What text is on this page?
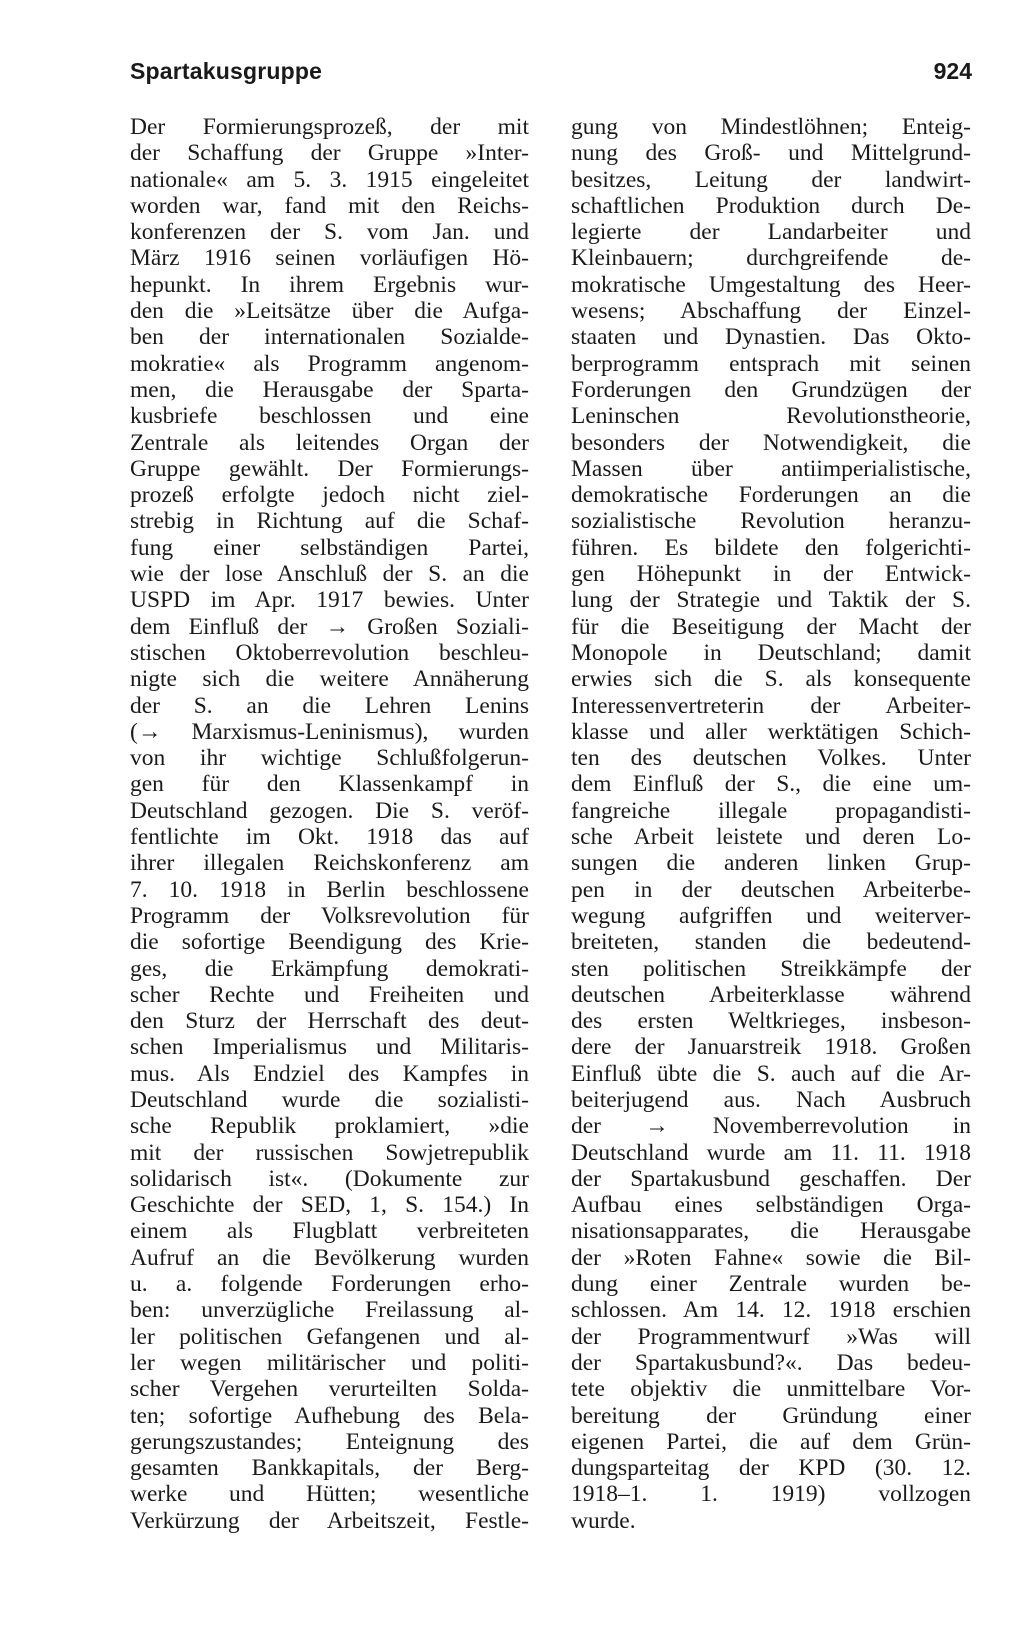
Spartakusgruppe	924
Der Formierungsprozeß, der mit
der Schaffung der Gruppe »Inter-
nationale« am 5. 3. 1915 eingeleitet
worden war, fand mit den Reichs-
konferenzen der S. vom Jan. und
März 1916 seinen vorläufigen Hö-
hepunkt. In ihrem Ergebnis wur-
den die »Leitsätze über die Aufga-
ben der internationalen Sozialde-
mokratie« als Programm angenom-
men, die Herausgabe der Sparta-
kusbriefe beschlossen und eine
Zentrale als leitendes Organ der
Gruppe gewählt. Der Formierungs-
prozeß erfolgte jedoch nicht ziel-
strebig in Richtung auf die Schaf-
fung einer selbständigen Partei,
wie der lose Anschluß der S. an die
USPD im Apr. 1917 bewies. Unter
dem Einfluß der → Großen Soziali-
stischen Oktoberrevolution beschleu-
nigte sich die weitere Annäherung
der S. an die Lehren Lenins
(→ Marxismus-Leninismus), wurden
von ihr wichtige Schlußfolgerun-
gen für den Klassenkampf in
Deutschland gezogen. Die S. veröf-
fentlichte im Okt. 1918 das auf
ihrer illegalen Reichskonferenz am
7. 10. 1918 in Berlin beschlossene
Programm der Volksrevolution für
die sofortige Beendigung des Krie-
ges, die Erkämpfung demokrati-
scher Rechte und Freiheiten und
den Sturz der Herrschaft des deut-
schen Imperialismus und Militaris-
mus. Als Endziel des Kampfes in
Deutschland wurde die sozialisti-
sche Republik proklamiert, »die
mit der russischen Sowjetrepublik
solidarisch ist«. (Dokumente zur
Geschichte der SED, 1, S. 154.) In
einem als Flugblatt verbreiteten
Aufruf an die Bevölkerung wurden
u. a. folgende Forderungen erho-
ben: unverzügliche Freilassung al-
ler politischen Gefangenen und al-
ler wegen militärischer und politi-
scher Vergehen verurteilten Solda-
ten; sofortige Aufhebung des Bela-
gerungszustandes; Enteignung des
gesamten Bankkapitals, der Berg-
werke und Hütten; wesentliche
Verkürzung der Arbeitszeit, Festle-
gung von Mindestlöhnen; Enteig-
nung des Groß- und Mittelgrund-
besitzes, Leitung der landwirt-
schaftlichen Produktion durch De-
legierte der Landarbeiter und
Kleinbauern; durchgreifende de-
mokratische Umgestaltung des Heer-
wesens; Abschaffung der Einzel-
staaten und Dynastien. Das Okto-
berprogramm entsprach mit seinen
Forderungen den Grundzügen der
Leninschen Revolutionstheorie,
besonders der Notwendigkeit, die
Massen über antiimperialistische,
demokratische Forderungen an die
sozialistische Revolution heranzu-
führen. Es bildete den folgerichti-
gen Höhepunkt in der Entwick-
lung der Strategie und Taktik der S.
für die Beseitigung der Macht der
Monopole in Deutschland; damit
erwies sich die S. als konsequente
Interessenvertreterin der Arbeiter-
klasse und aller werktätigen Schich-
ten des deutschen Volkes. Unter
dem Einfluß der S., die eine um-
fangreiche illegale propagandisti-
sche Arbeit leistete und deren Lo-
sungen die anderen linken Grup-
pen in der deutschen Arbeiterbe-
wegung aufgriffen und weiterver-
breiteten, standen die bedeutend-
sten politischen Streikkämpfe der
deutschen Arbeiterklasse während
des ersten Weltkrieges, insbeson-
dere der Januarstreik 1918. Großen
Einfluß übte die S. auch auf die Ar-
beiterjugend aus. Nach Ausbruch
der → Novemberrevolution in
Deutschland wurde am 11. 11. 1918
der Spartakusbund geschaffen. Der
Aufbau eines selbständigen Orga-
nisationsapparates, die Herausgabe
der »Roten Fahne« sowie die Bil-
dung einer Zentrale wurden be-
schlossen. Am 14. 12. 1918 erschien
der Programmentwurf »Was will
der Spartakusbund?«. Das bedeu-
tete objektiv die unmittelbare Vor-
bereitung der Gründung einer
eigenen Partei, die auf dem Grün-
dungsparteitag der KPD (30. 12.
1918–1. 1. 1919) vollzogen
wurde.
